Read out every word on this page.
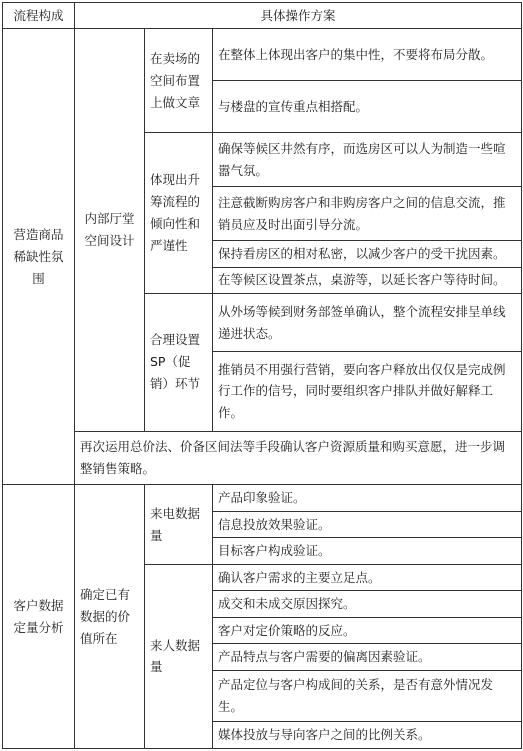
流程构成	具体操作方案		
营造商品稀缺性氛围	内部厅堂空间设计	在卖场的空间布置上做文章	在整体上体现出客户的集中性，不要将布局分散。
			与楼盘的宣传重点相搭配。
		体现出升筹流程的倾向性和严谨性	确保等候区井然有序，而选房区可以人为制造一些喧嚣气氛。
			注意截断购房客户和非购房客户之间的信息交流，推销员应及时出面引导分流。
			保持看房区的相对私密，以减少客户的受干扰因素。
			在等候区设置茶点，桌游等，以延长客户等待时间。
		合理设置SP（促销）环节	从外场等候到财务部签单确认，整个流程安排呈单线递进状态。
			推销员不用强行营销，要向客户释放出仅仅是完成例行工作的信号，同时要组织客户排队并做好解释工作。
	再次运用总价法、价备区间法等手段确认客户资源质量和购买意愿，进一步调整销售策略。		
客户数据定量分析	确定已有数据的价值所在	来电数据量	产品印象验证。
			信息投放效果验证。
			目标客户构成验证。
		来人数据量	确认客户需求的主要立足点。
			成交和未成交原因探究。
			客户对定价策略的反应。
			产品特点与客户需要的偏离因素验证。
			产品定位与客户构成间的关系，是否有意外情况发生。
			媒体投放与导向客户之间的比例关系。
